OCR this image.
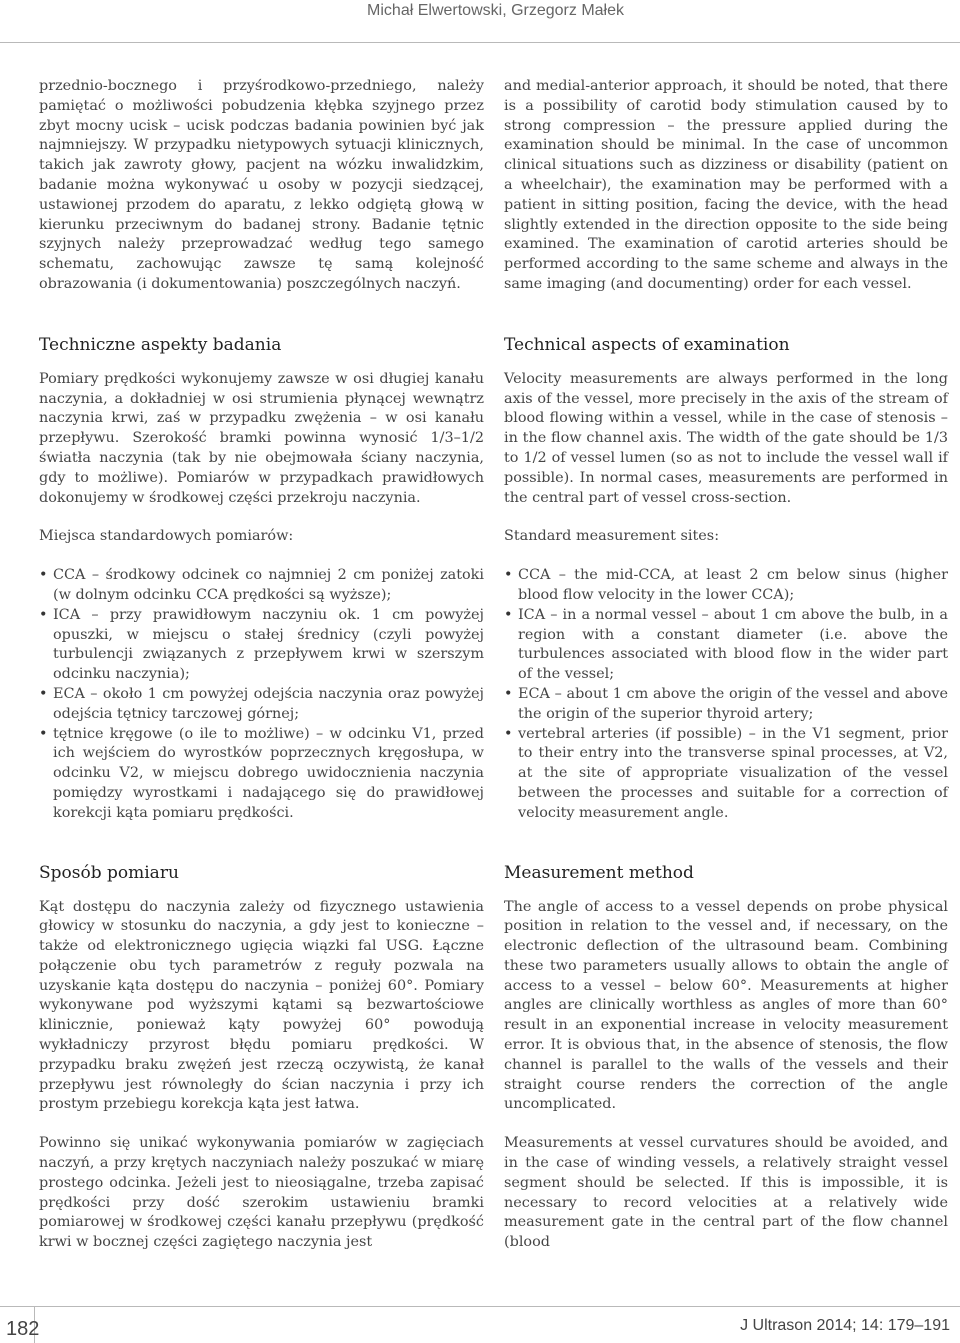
Michał Elwertowski, Grzegorz Małek

przednio-bocznego i przyśrodkowo-przedniego, należy pamiętać o możliwości pobudzenia kłębka szyjnego przez zbyt mocny ucisk – ucisk podczas badania powinien być jak najmniejszy. W przypadku nietypowych sytuacji klinicznych, takich jak zawroty głowy, pacjent na wózku inwalidzkim, badanie można wykonywać u osoby w pozycji siedzącej, ustawionej przodem do aparatu, z lekko odgiętą głową w kierunku przeciwnym do badanej strony. Badanie tętnic szyjnych należy przeprowadzać według tego samego schematu, zachowując zawsze tę samą kolejność obrazowania (i dokumentowania) poszczególnych naczyń.

Techniczne aspekty badania

Pomiary prędkości wykonujemy zawsze w osi długiej kanału naczynia, a dokładniej w osi strumienia płynącej wewnątrz naczynia krwi, zaś w przypadku zwężenia – w osi kanału przepływu. Szerokość bramki powinna wynosić 1/3–1/2 światła naczynia (tak by nie obejmowała ściany naczynia, gdy to możliwe). Pomiarów w przypadkach prawidłowych dokonujemy w środkowej części przekroju naczynia.

Miejsca standardowych pomiarów:

• CCA – środkowy odcinek co najmniej 2 cm poniżej zatoki (w dolnym odcinku CCA prędkości są wyższe);
• ICA – przy prawidłowym naczyniu ok. 1 cm powyżej opuszki, w miejscu o stałej średnicy (czyli powyżej turbulencji związanych z przepływem krwi w szerszym odcinku naczynia);
• ECA – około 1 cm powyżej odejścia naczynia oraz powyżej odejścia tętnicy tarczowej górnej;
• tętnice kręgowe (o ile to możliwe) – w odcinku V1, przed ich wejściem do wyrostków poprzecznych kręgosłupa, w odcinku V2, w miejscu dobrego uwidocznienia naczynia pomiędzy wyrostkami i nadającego się do prawidłowej korekcji kąta pomiaru prędkości.
Sposób pomiaru

Kąt dostępu do naczynia zależy od fizycznego ustawienia głowicy w stosunku do naczynia, a gdy jest to konieczne – także od elektronicznego ugięcia wiązki fal USG. Łączne połączenie obu tych parametrów z reguły pozwala na uzyskanie kąta dostępu do naczynia – poniżej 60°. Pomiary wykonywane pod wyższymi kątami są bezwartościowe klinicznie, ponieważ kąty powyżej 60° powodują wykładniczy przyrost błędu pomiaru prędkości. W przypadku braku zwężeń jest rzeczą oczywistą, że kanał przepływu jest równoległy do ścian naczynia i przy ich prostym przebiegu korekcja kąta jest łatwa.

Powinno się unikać wykonywania pomiarów w zagięciach naczyń, a przy krętych naczyniach należy poszukać w miarę prostego odcinka. Jeżeli jest to nieosiągalne, trzeba zapisać prędkości przy dość szerokim ustawieniu bramki pomiarowej w środkowej części kanału przepływu (prędkość krwi w bocznej części zagiętego naczynia jest

and medial-anterior approach, it should be noted, that there is a possibility of carotid body stimulation caused by to strong compression – the pressure applied during the examination should be minimal. In the case of uncommon clinical situations such as dizziness or disability (patient on a wheelchair), the examination may be performed with a patient in sitting position, facing the device, with the head slightly extended in the direction opposite to the side being examined. The examination of carotid arteries should be performed according to the same scheme and always in the same imaging (and documenting) order for each vessel.

Technical aspects of examination

Velocity measurements are always performed in the long axis of the vessel, more precisely in the axis of the stream of blood flowing within a vessel, while in the case of stenosis – in the flow channel axis. The width of the gate should be 1/3 to 1/2 of vessel lumen (so as not to include the vessel wall if possible). In normal cases, measurements are performed in the central part of vessel cross-section.

Standard measurement sites:

• CCA – the mid-CCA, at least 2 cm below sinus (higher blood flow velocity in the lower CCA);
• ICA – in a normal vessel – about 1 cm above the bulb, in a region with a constant diameter (i.e. above the turbulences associated with blood flow in the wider part of the vessel;
• ECA – about 1 cm above the origin of the vessel and above the origin of the superior thyroid artery;
• vertebral arteries (if possible) – in the V1 segment, prior to their entry into the transverse spinal processes, at V2, at the site of appropriate visualization of the vessel between the processes and suitable for a correction of velocity measurement angle.
Measurement method

The angle of access to a vessel depends on probe physical position in relation to the vessel and, if necessary, on the electronic deflection of the ultrasound beam. Combining these two parameters usually allows to obtain the angle of access to a vessel – below 60°. Measurements at higher angles are clinically worthless as angles of more than 60° result in an exponential increase in velocity measurement error. It is obvious that, in the absence of stenosis, the flow channel is parallel to the walls of the vessels and their straight course renders the correction of the angle uncomplicated.

Measurements at vessel curvatures should be avoided, and in the case of winding vessels, a relatively straight vessel segment should be selected. If this is impossible, it is necessary to record velocities at a relatively wide measurement gate in the central part of the flow channel (blood

182	J Ultrason 2014; 14: 179–191
